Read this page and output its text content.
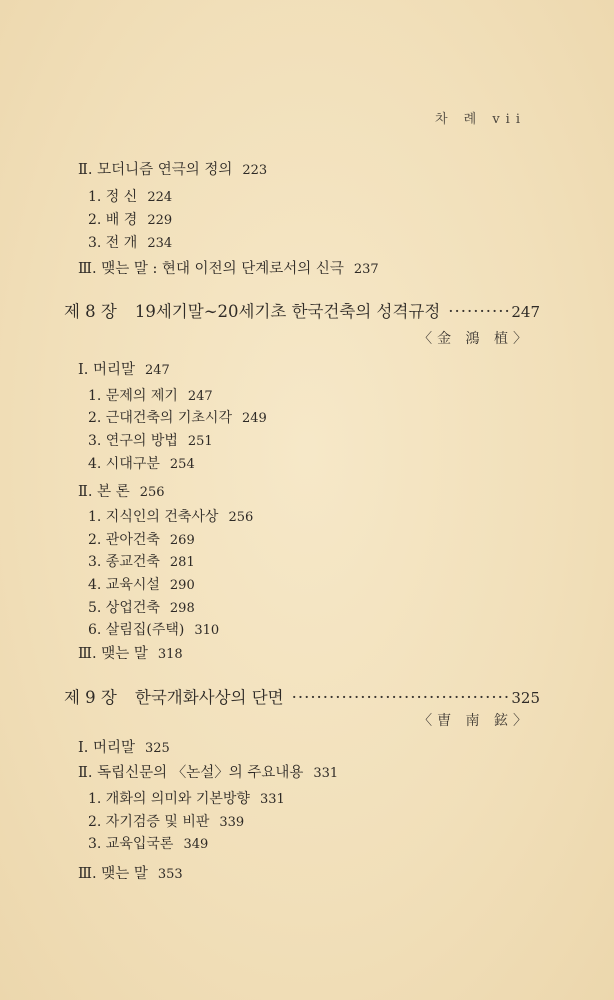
차 례 vii
Ⅱ. 모더니즘 연극의 정의 223
1. 정 신 224
2. 배 경 229
3. 전 개 234
Ⅲ. 맺는 말 : 현대 이전의 단계로서의 신극 237
제 8 장 19세기말∼20세기초 한국건축의 성격규정 ·····	247
〈金 鴻 植〉
Ⅰ. 머리말 247
1. 문제의 제기 247
2. 근대건축의 기초시각 249
3. 연구의 방법 251
4. 시대구분 254
Ⅱ. 본 론 256
1. 지식인의 건축사상 256
2. 관아건축 269
3. 종교건축 281
4. 교육시설 290
5. 상업건축 298
6. 살림집(주택) 310
Ⅲ. 맺는 말 318
제 9 장 한국개화사상의 단면 ·····	325
〈曺 南 鉉〉
Ⅰ. 머리말 325
Ⅱ. 독립신문의 〈논설〉의 주요내용 331
1. 개화의 의미와 기본방향 331
2. 자기검증 및 비판 339
3. 교육입국론 349
Ⅲ. 맺는 말 353
